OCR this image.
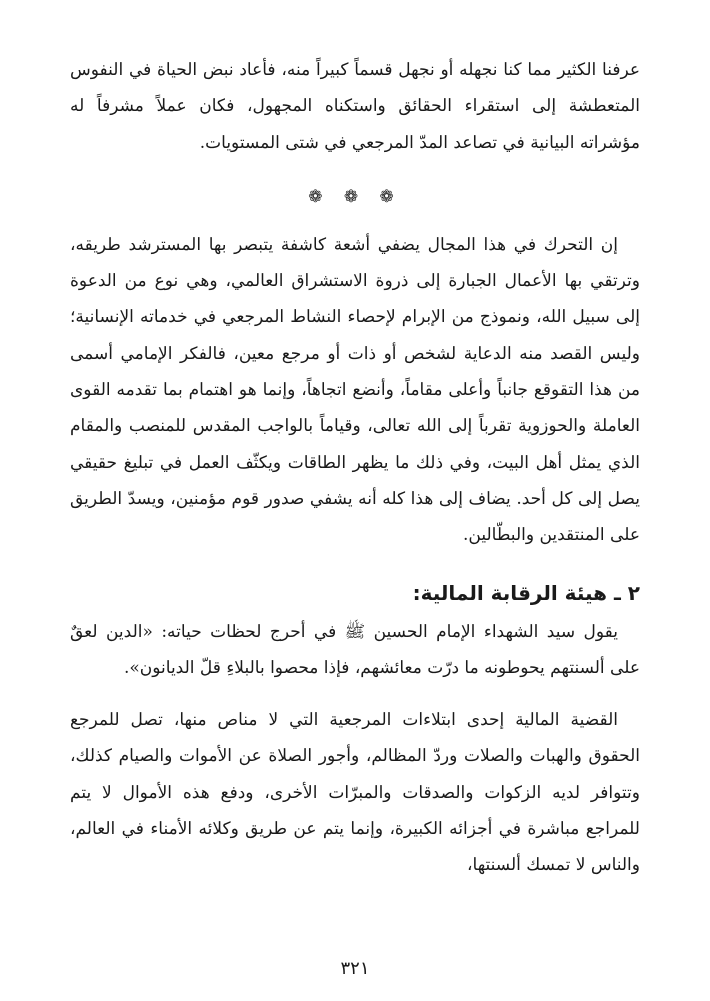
عرفنا الكثير مما كنا نجهله أو نجهل قسماً كبيراً منه، فأعاد نبض الحياة في النفوس المتعطشة إلى استقراء الحقائق واستكناه المجهول، فكان عملاً مشرفاً له مؤشراته البيانية في تصاعد المدّ المرجعي في شتى المستويات.

❁ ❁ ❁

إن التحرك في هذا المجال يضفي أشعة كاشفة يتبصر بها المسترشد طريقه، وترتقي بها الأعمال الجبارة إلى ذروة الاستشراق العالمي، وهي نوع من الدعوة إلى سبيل الله، ونموذج من الإبرام لإحصاء النشاط المرجعي في خدماته الإنسانية؛ وليس القصد منه الدعاية لشخص أو ذات أو مرجع معين، فالفكر الإمامي أسمى من هذا التقوقع جانباً وأعلى مقاماً، وأنضع اتجاهاً، وإنما هو اهتمام بما تقدمه القوى العاملة والحوزوية تقرباً إلى الله تعالى، وقياماً بالواجب المقدس للمنصب والمقام الذي يمثل أهل البيت، وفي ذلك ما يظهر الطاقات ويكثّف العمل في تبليغ حقيقي يصل إلى كل أحد. يضاف إلى هذا كله أنه يشفي صدور قوم مؤمنين، ويسدّ الطريق على المنتقدين والبطّالين.

٢ ـ هيئة الرقابة المالية:

يقول سيد الشهداء الإمام الحسين ﷺ في أحرج لحظات حياته: «الدين لعقٌ على ألسنتهم يحوطونه ما درّت معائشهم، فإذا محصوا بالبلاءِ قلّ الديانون».

القضية المالية إحدى ابتلاءات المرجعية التي لا مناص منها، تصل للمرجع الحقوق والهبات والصلات وردّ المظالم، وأجور الصلاة عن الأموات والصيام كذلك، وتتوافر لديه الزكوات والصدقات والمبرّات الأخرى، ودفع هذه الأموال لا يتم للمراجع مباشرة في أجزائه الكبيرة، وإنما يتم عن طريق وكلائه الأمناء في العالم، والناس لا تمسك ألسنتها،

٣٢١
